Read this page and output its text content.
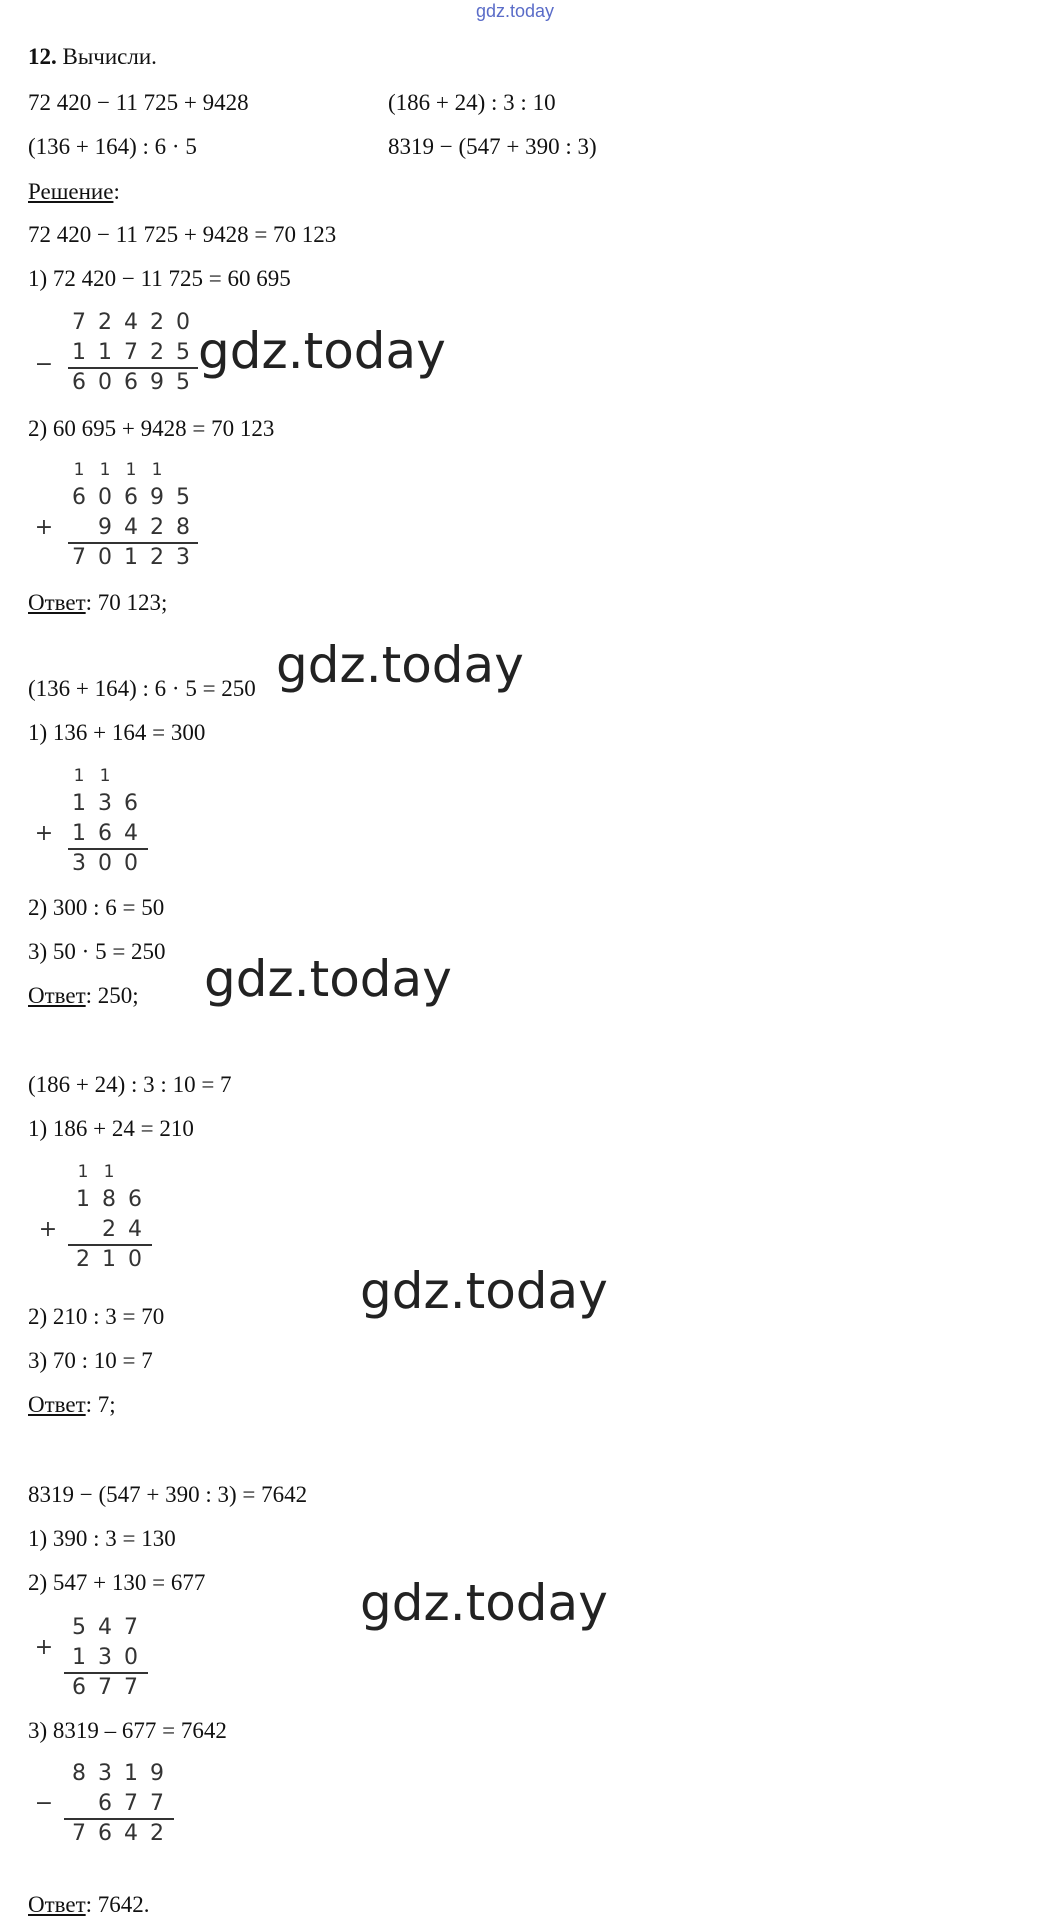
gdz.today
12. Вычисли.
72 420 − 11 725 + 9428	(186 + 24) : 3 : 10
(136 + 164) : 6 · 5	8319 − (547 + 390 : 3)
Решение:
72 420 − 11 725 + 9428 = 70 123
1) 72 420 − 11 725 = 60 695
7 2 4 2 0
− 1 1 7 2 5
6 0 6 9 5
gdz.today
2) 60 695 + 9428 = 70 123
1 1 1 1
6 0 6 9 5
+ 9 4 2 8
7 0 1 2 3
Ответ: 70 123;
gdz.today
(136 + 164) : 6 · 5 = 250
1) 136 + 164 = 300
1 1
1 3 6
+ 1 6 4
3 0 0
2) 300 : 6 = 50
3) 50 · 5 = 250 gdz.today
Ответ: 250;
(186 + 24) : 3 : 10 = 7
1) 186 + 24 = 210
1 1
1 8 6
+ 2 4
2 1 0
gdz.today
2) 210 : 3 = 70
3) 70 : 10 = 7
Ответ: 7;
8319 − (547 + 390 : 3) = 7642
1) 390 : 3 = 130
2) 547 + 130 = 677	gdz.today
5 4 7
+ 1 3 0
6 7 7
3) 8319 – 677 = 7642
8 3 1 9
− 6 7 7
7 6 4 2
Ответ: 7642.
